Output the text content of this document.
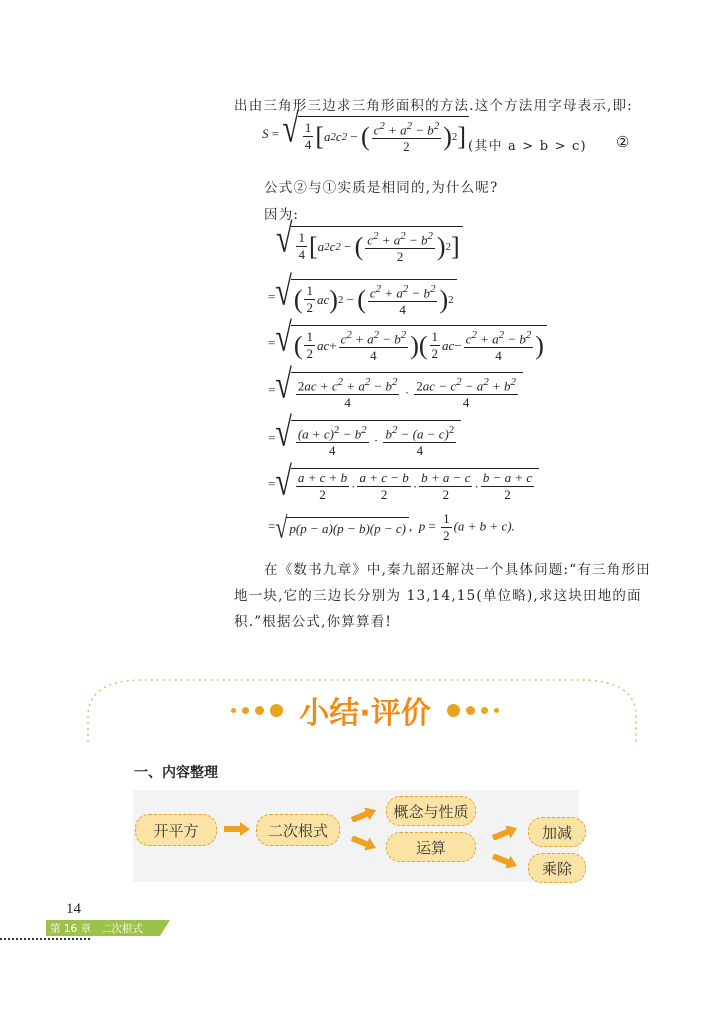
出由三角形三边求三角形面积的方法.这个方法用字母表示,即:
S = √ $\frac{1}{4}$ [ a 2 c 2 − ( $\frac{c^2 + a^2 - b^2}{2}$ ) 2 ] (其中 a > b > c) ②
公式②与①实质是相同的,为什么呢?
因为:
√ $\frac{1}{4}$ [ a 2 c 2 − ( $\frac{c^2 + a^2 - b^2}{2}$ ) 2 ]
= √ ( $\frac{1}{2}$ ac ) 2 − ( $\frac{c^2 + a^2 - b^2}{4}$ ) 2
= √ ( $\frac{1}{2}$ ac + $\frac{c^2 + a^2 - b^2}{4}$ )( $\frac{1}{2}$ ac − $\frac{c^2 + a^2 - b^2}{4}$ )
= √ $\frac{2ac + c^2 + a^2 - b^2}{4} \cdot \frac{2ac - c^2 - a^2 + b^2}{4}$
= √ $\frac{(a + c)^2 - b^2}{4} \cdot \frac{b^2 - (a - c)^2}{4}$
= √ $\frac{a + c + b}{2} \cdot \frac{a + c - b}{2} \cdot \frac{b + a - c}{2} \cdot \frac{b - a + c}{2}$
= √ p(p − a)(p − b)(p − c) ,  $p = \frac{1}{2} (a + b + c)$.
在《数书九章》中,秦九韶还解决一个具体问题:“有三角形田
地一块,它的三边长分别为 13,14,15(单位略),求这块田地的面
积.”根据公式,你算算看!
小结·评价
一、内容整理
开平方	二次根式
概念与性质
运算
加减
乘除
14
第 16 章   二次根式
